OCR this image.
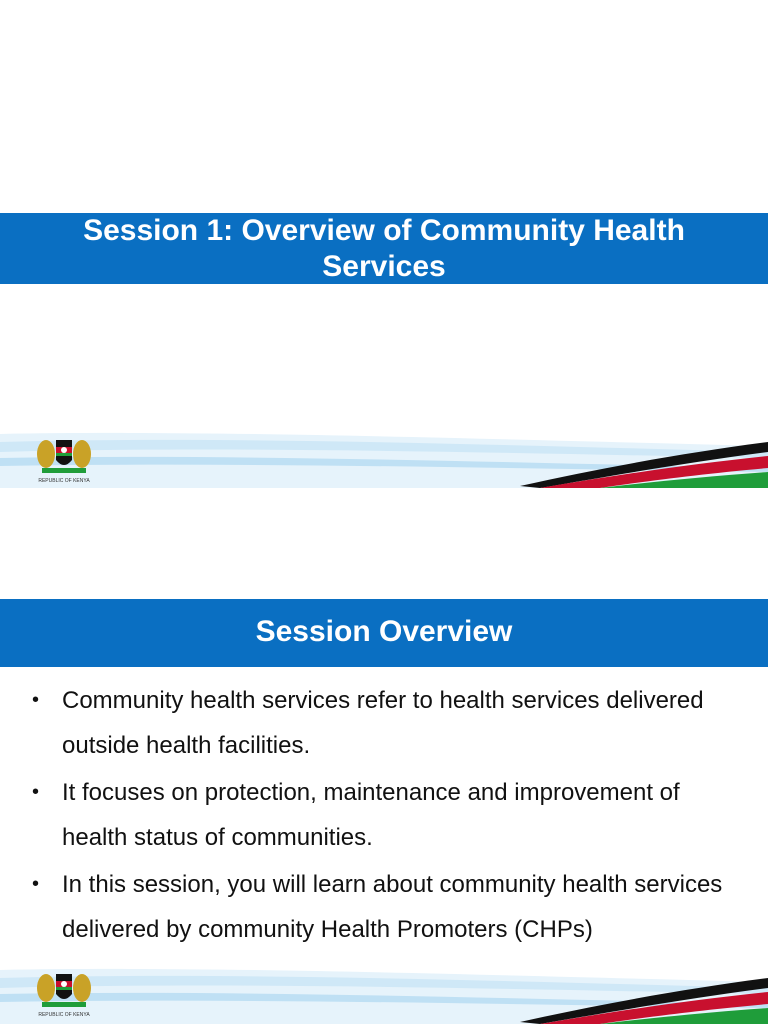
Session 1: Overview of Community Health
Services
REPUBLIC OF KENYA
Session Overview
• Community health services refer to health services delivered outside health facilities.
• It focuses on protection, maintenance and improvement of health status of communities.
• In this session, you will learn about community health services delivered by community Health Promoters (CHPs)
REPUBLIC OF KENYA
